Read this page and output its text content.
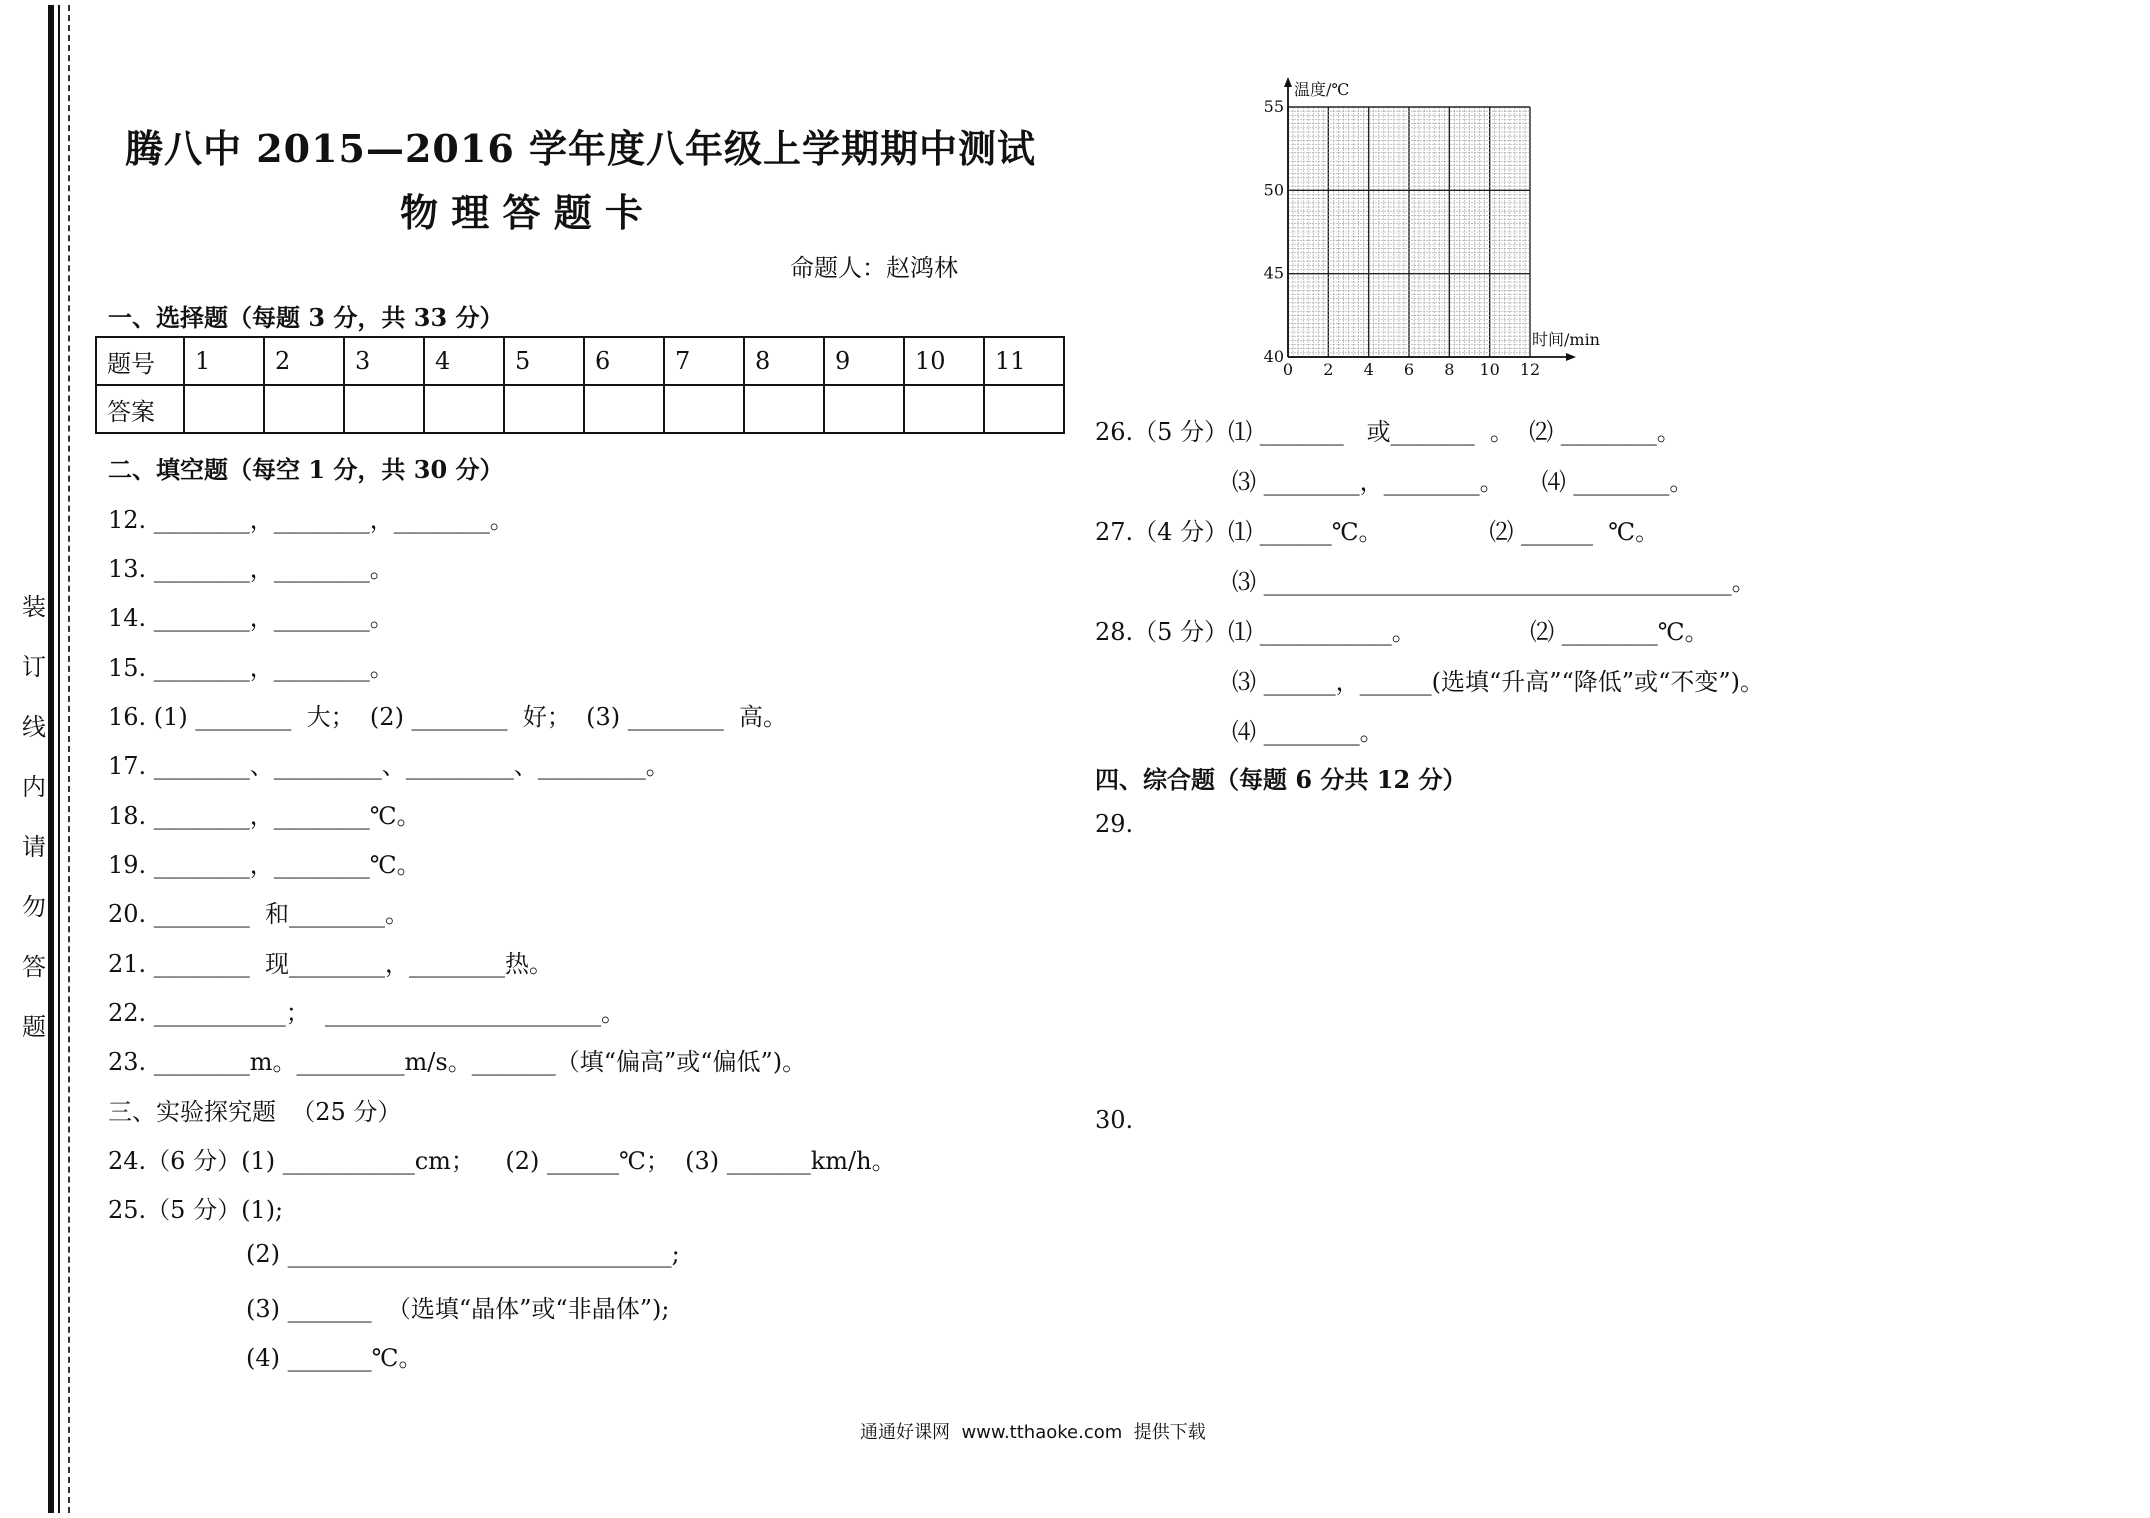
装
订
线
内
请
勿
答
题
腾八中 2015—2016 学年度八年级上学期期中测试
物 理 答 题 卡
命题人：赵鸿林
一、选择题（每题 3 分，共 33 分）
题号	1	2	3	4	5	6	7	8	9	10	11
答案											
二、填空题（每空 1 分，共 30 分）
12. ________，________，________。
13. ________，________。
14. ________，________。
15. ________，________。
16. (1) ________  大；  (2) ________  好；  (3) ________  高。
17. ________、_________、_________、_________。
18. ________，________℃。
19. ________，________℃。
20. ________  和________。
21. ________  现________，________热。
22. ___________；  _______________________。
23. ________m。_________m/s。_______（填“偏高”或“偏低”)。
三、实验探究题  （25 分）
24.（6 分）(1) ___________cm；    (2) ______℃；  (3) _______km/h。
25.（5 分）(1);
(2) ________________________________;
(3) _______  （选填“晶体”或“非晶体”);
(4) _______℃。
0 2 4 6 8 10 12
40
45
50
55
温度/℃
时间/min
26.（5 分）⑴ _______   或_______  。  ⑵ ________。
⑶ ________，________。     ⑷ ________。
27.（4 分）⑴ ______℃。              ⑵ ______  ℃。
⑶ _______________________________________。
28.（5 分）⑴ ___________。               ⑵ ________℃。
⑶ ______，______(选填“升高”“降低”或“不变”)。
⑷ ________。
四、综合题（每题 6 分共 12 分）
29.
30.
通通好课网  www.tthaoke.com  提供下载
